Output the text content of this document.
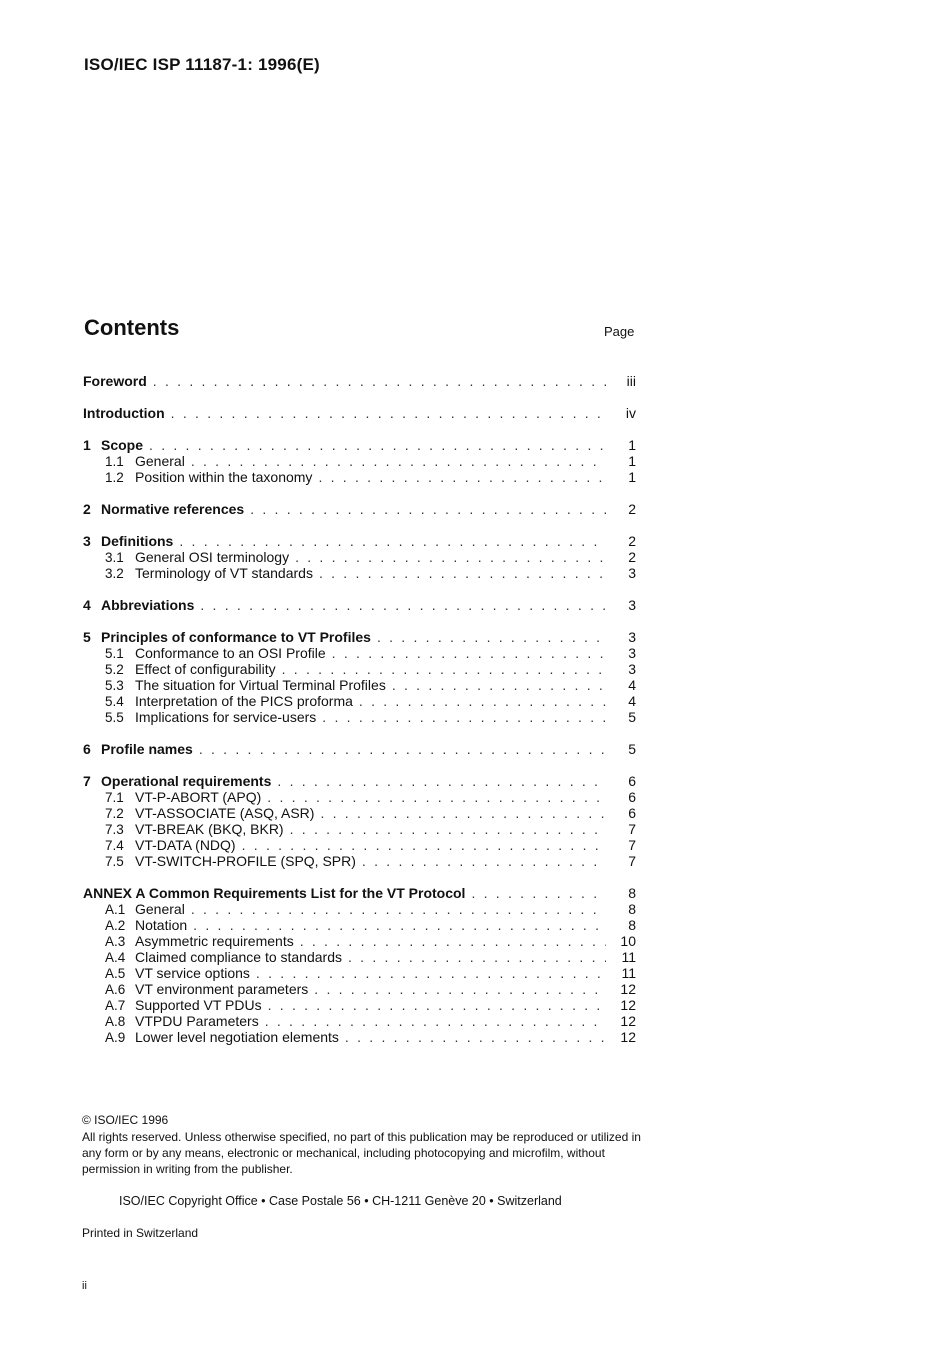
ISO/IEC ISP 11187-1: 1996(E)
Contents	Page
Foreword . . .	iii
Introduction . . .	iv
1 Scope . . .	1
1.1 General . . .	1
1.2 Position within the taxonomy . . .	1
2 Normative references . . .	2
3 Definitions . . .	2
3.1 General OSI terminology . . .	2
3.2 Terminology of VT standards . . .	3
4 Abbreviations . . .	3
5 Principles of conformance to VT Profiles . . .	3
5.1 Conformance to an OSI Profile . . .	3
5.2 Effect of configurability . . .	3
5.3 The situation for Virtual Terminal Profiles . . .	4
5.4 Interpretation of the PICS proforma . . .	4
5.5 Implications for service-users . . .	5
6 Profile names . . .	5
7 Operational requirements . . .	6
7.1 VT-P-ABORT (APQ) . . .	6
7.2 VT-ASSOCIATE (ASQ, ASR) . . .	6
7.3 VT-BREAK (BKQ, BKR) . . .	7
7.4 VT-DATA (NDQ) . . .	7
7.5 VT-SWITCH-PROFILE (SPQ, SPR) . . .	7
ANNEX A Common Requirements List for the VT Protocol . . .	8
A.1 General . . .	8
A.2 Notation . . .	8
A.3 Asymmetric requirements . . .	10
A.4 Claimed compliance to standards . . .	11
A.5 VT service options . . .	11
A.6 VT environment parameters . . .	12
A.7 Supported VT PDUs . . .	12
A.8 VTPDU Parameters . . .	12
A.9 Lower level negotiation elements . . .	12
© ISO/IEC 1996
All rights reserved. Unless otherwise specified, no part of this publication may be reproduced or utilized in any form or by any means, electronic or mechanical, including photocopying and microfilm, without permission in writing from the publisher.
ISO/IEC Copyright Office • Case Postale 56 • CH-1211 Genève 20 • Switzerland
Printed in Switzerland
ii
